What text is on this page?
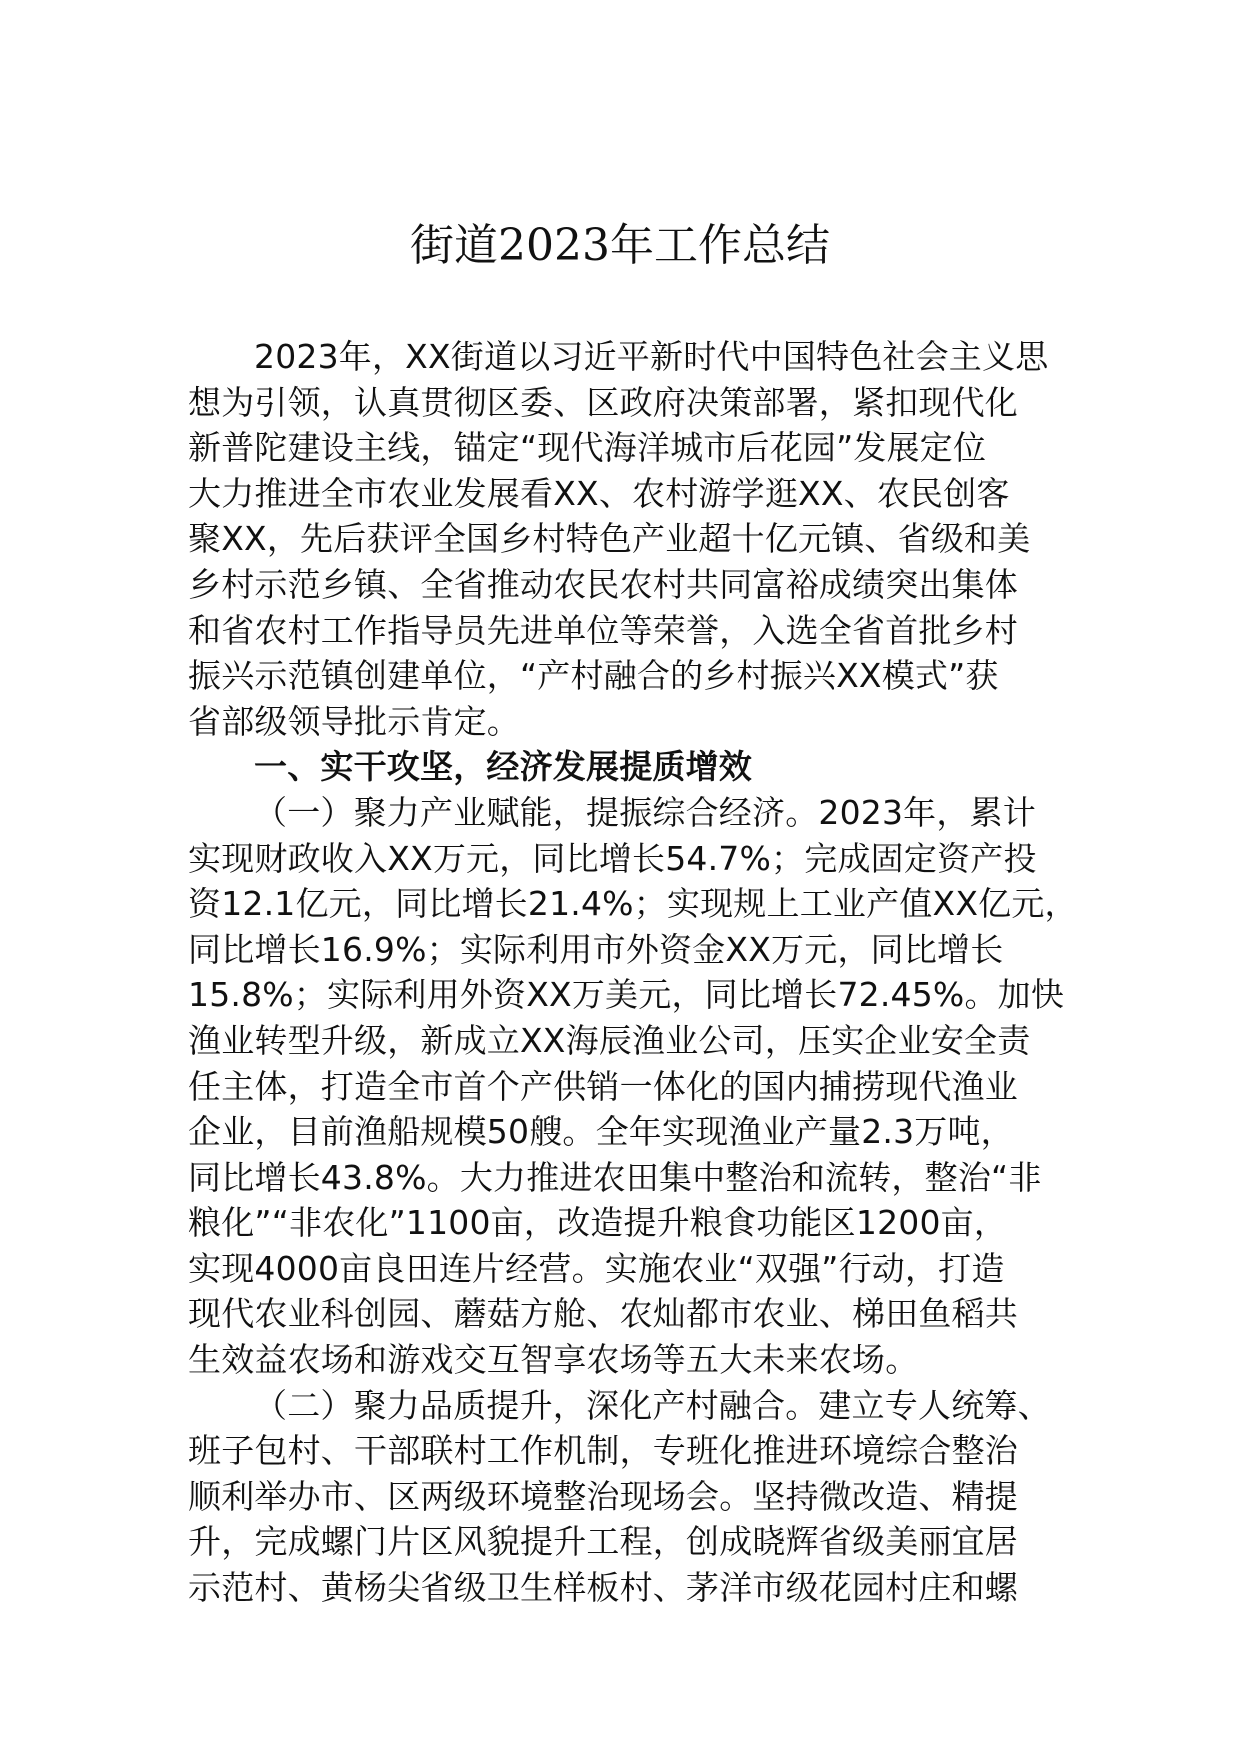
街道2023年工作总结
2023年，XX街道以习近平新时代中国特色社会主义思
想为引领，认真贯彻区委、区政府决策部署，紧扣现代化
新普陀建设主线，锚定“现代海洋城市后花园”发展定位
大力推进全市农业发展看XX、农村游学逛XX、农民创客
聚XX，先后获评全国乡村特色产业超十亿元镇、省级和美
乡村示范乡镇、全省推动农民农村共同富裕成绩突出集体
和省农村工作指导员先进单位等荣誉，入选全省首批乡村
振兴示范镇创建单位，“产村融合的乡村振兴XX模式”获
省部级领导批示肯定。
一、实干攻坚，经济发展提质增效
（一）聚力产业赋能，提振综合经济。2023年，累计
实现财政收入XX万元，同比增长54.7%；完成固定资产投
资12.1亿元，同比增长21.4%；实现规上工业产值XX亿元，
同比增长16.9%；实际利用市外资金XX万元，同比增长
15.8%；实际利用外资XX万美元，同比增长72.45%。加快
渔业转型升级，新成立XX海辰渔业公司，压实企业安全责
任主体，打造全市首个产供销一体化的国内捕捞现代渔业
企业，目前渔船规模50艘。全年实现渔业产量2.3万吨，
同比增长43.8%。大力推进农田集中整治和流转，整治“非
粮化”“非农化”1100亩，改造提升粮食功能区1200亩，
实现4000亩良田连片经营。实施农业“双强”行动，打造
现代农业科创园、蘑菇方舱、农灿都市农业、梯田鱼稻共
生效益农场和游戏交互智享农场等五大未来农场。
（二）聚力品质提升，深化产村融合。建立专人统筹、
班子包村、干部联村工作机制，专班化推进环境综合整治
顺利举办市、区两级环境整治现场会。坚持微改造、精提
升，完成螺门片区风貌提升工程，创成晓辉省级美丽宜居
示范村、黄杨尖省级卫生样板村、茅洋市级花园村庄和螺
